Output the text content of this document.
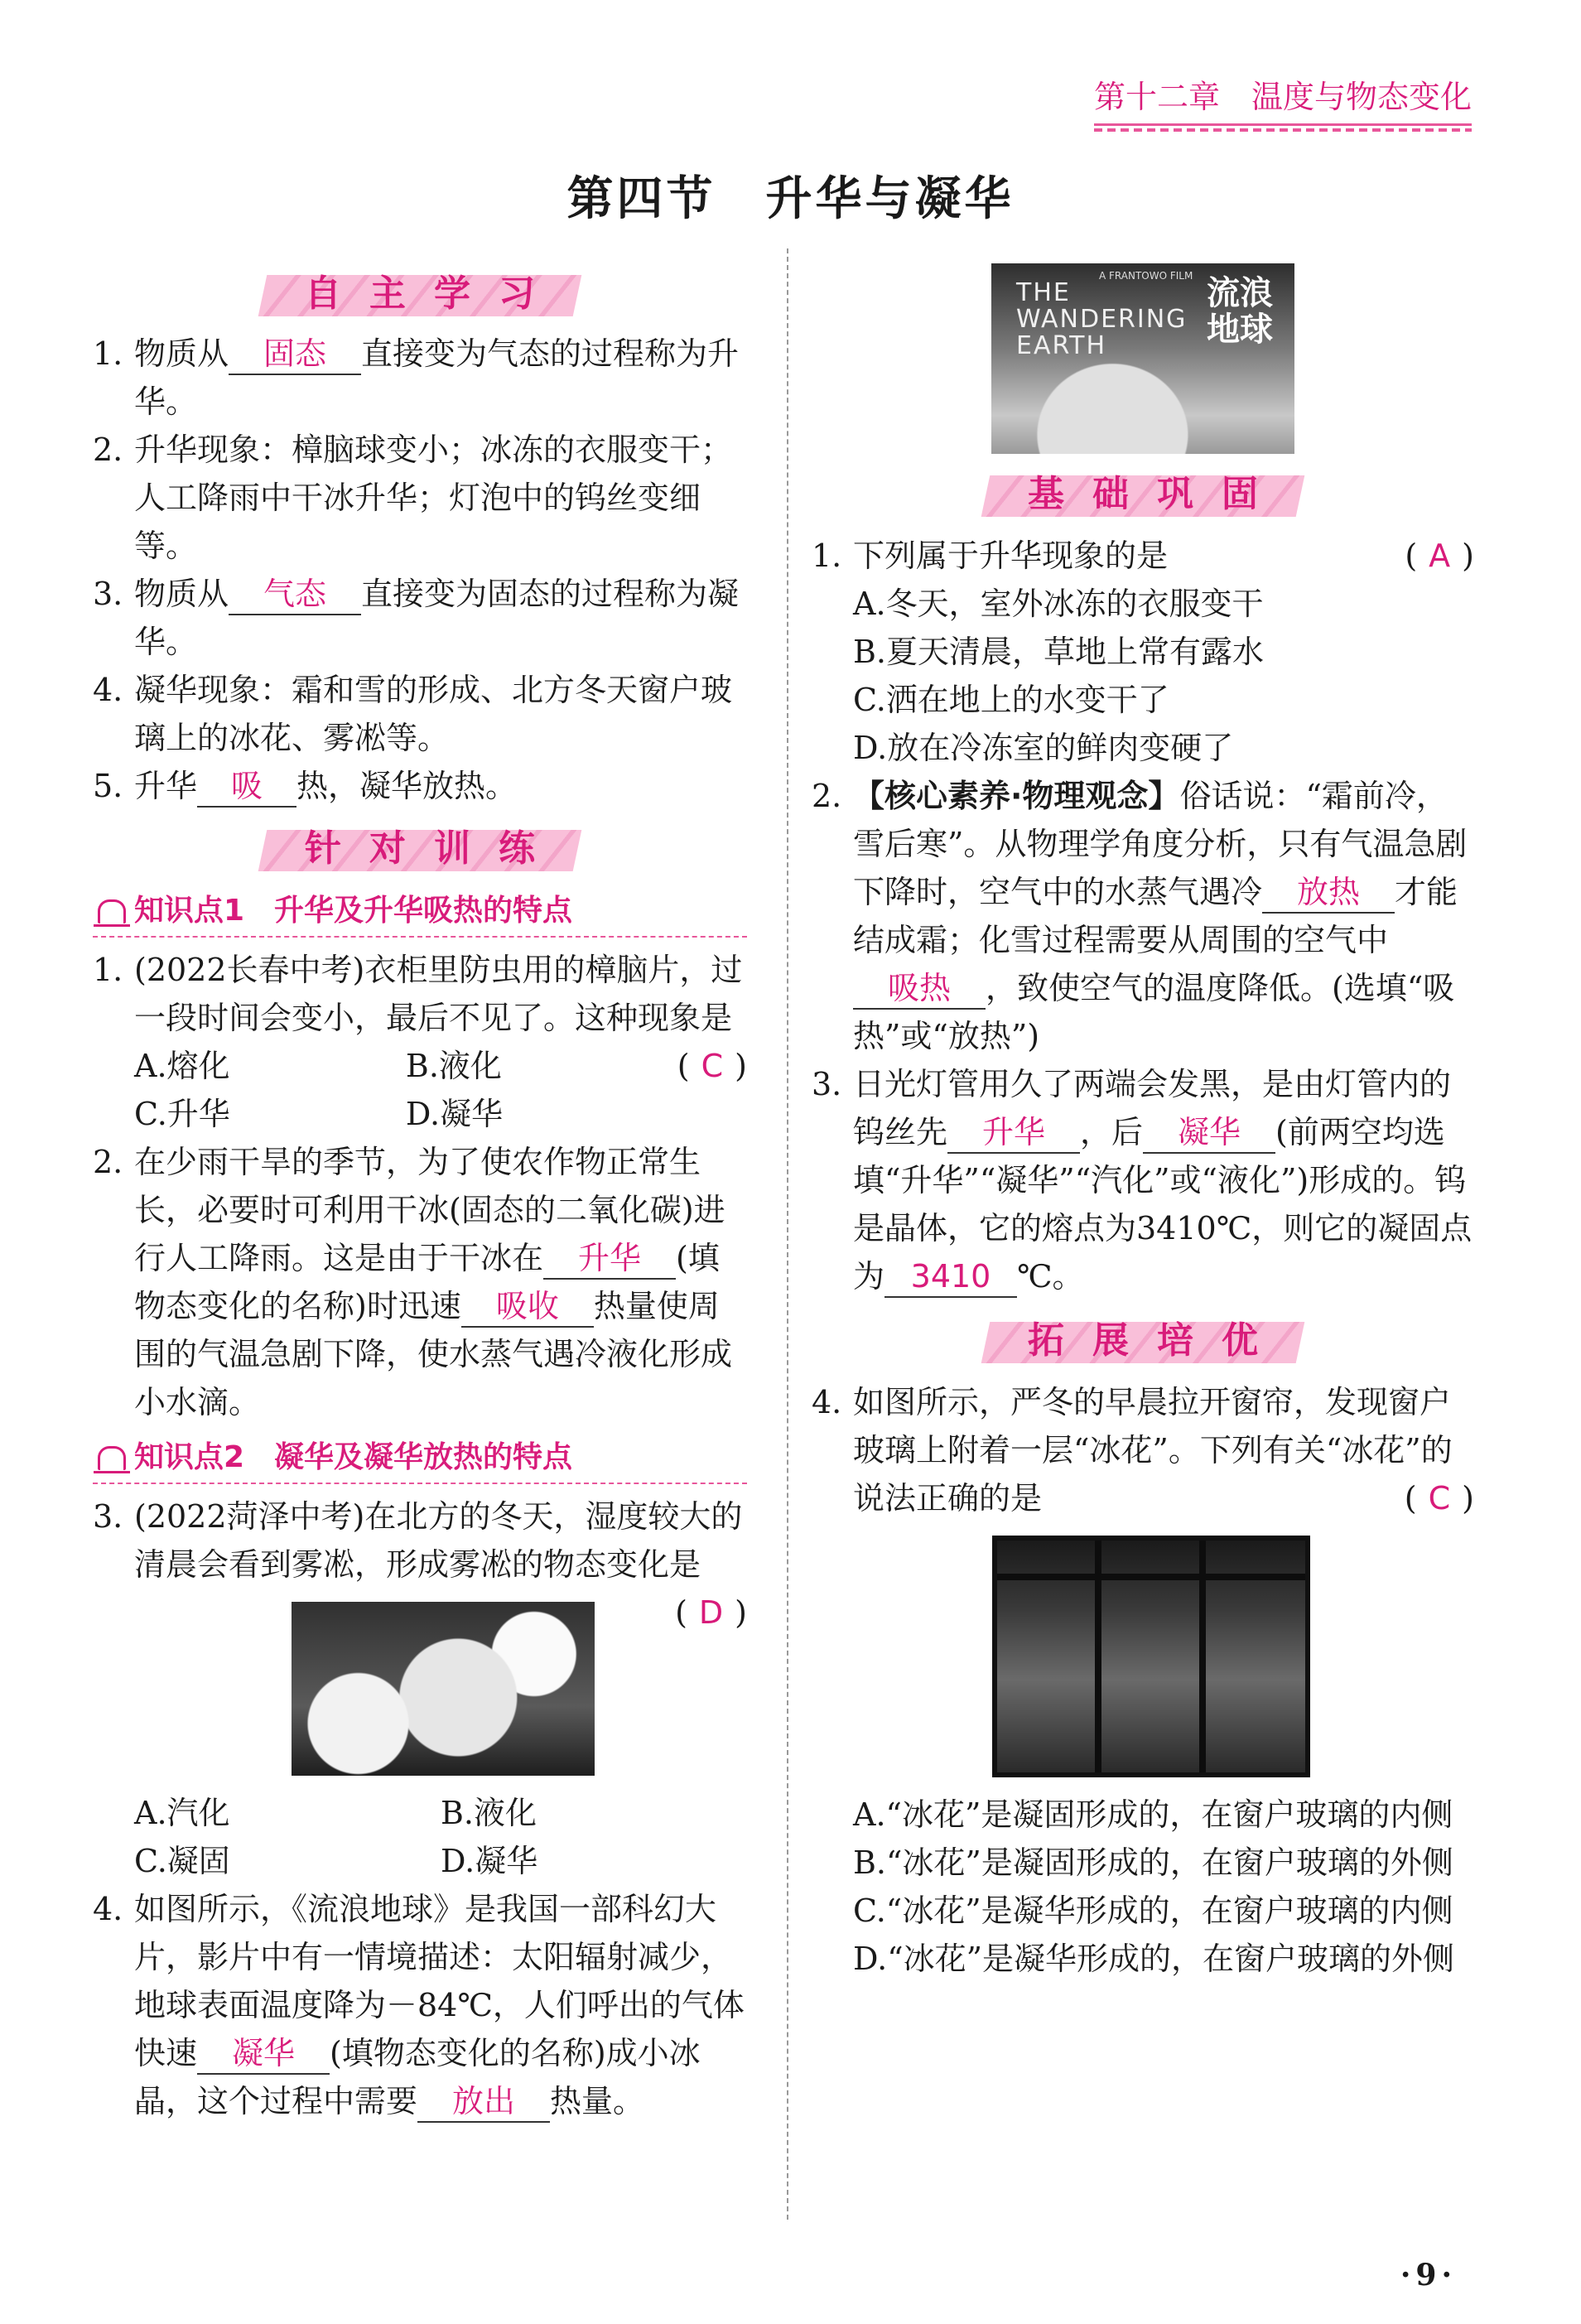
第十二章　温度与物态变化
第四节　升华与凝华
自主学习

1. 物质从 固态 直接变为气态的过程称为升华。

2. 升华现象：樟脑球变小；冰冻的衣服变干；人工降雨中干冰升华；灯泡中的钨丝变细等。

3. 物质从 气态 直接变为固态的过程称为凝华。

4. 凝华现象：霜和雪的形成、北方冬天窗户玻璃上的冰花、雾凇等。

5. 升华 吸 热，凝华放热。

针对训练
知识点1　升华及升华吸热的特点

1. (2022长春中考)衣柜里防虫用的樟脑片，过一段时间会变小，最后不见了。这种现象是
( C )

A.熔化	B.液化
C.升华	D.凝华

2. 在少雨干旱的季节，为了使农作物正常生长，必要时可利用干冰(固态的二氧化碳)进行人工降雨。这是由于干冰在 升华 (填物态变化的名称)时迅速 吸收 热量使周围的气温急剧下降，使水蒸气遇冷液化形成小水滴。

知识点2　凝华及凝华放热的特点

3. (2022菏泽中考)在北方的冬天，湿度较大的清晨会看到雾凇，形成雾凇的物态变化是
( D )

A.汽化	B.液化
C.凝固	D.凝华

4. 如图所示，《流浪地球》是我国一部科幻大片，影片中有一情境描述：太阳辐射减少，地球表面温度降为－84℃，人们呼出的气体快速 凝华 (填物态变化的名称)成小冰晶，这个过程中需要 放出 热量。

A FRANTOWO FILM
THE WANDERING EARTH
流浪地球
基础巩固

1. 下列属于升华现象的是	( A )

A.冬天，室外冰冻的衣服变干

B.夏天清晨，草地上常有露水

C.洒在地上的水变干了

D.放在冷冻室的鲜肉变硬了

2. 【核心素养·物理观念】俗话说：“霜前冷，雪后寒”。从物理学角度分析，只有气温急剧下降时，空气中的水蒸气遇冷 放热 才能结成霜；化雪过程需要从周围的空气中吸热 ，致使空气的温度降低。(选填“吸热”或“放热”)

3. 日光灯管用久了两端会发黑，是由灯管内的钨丝先 升华 ，后 凝华 (前两空均选填“升华”“凝华”“汽化”或“液化”)形成的。钨是晶体，它的熔点为3410℃，则它的凝固点为 3410 ℃。

拓展培优

4. 如图所示，严冬的早晨拉开窗帘，发现窗户玻璃上附着一层“冰花”。下列有关“冰花”的说法正确的是	( C )

A.“冰花”是凝固形成的，在窗户玻璃的内侧

B.“冰花”是凝固形成的，在窗户玻璃的外侧

C.“冰花”是凝华形成的，在窗户玻璃的内侧

D.“冰花”是凝华形成的，在窗户玻璃的外侧

·9·
